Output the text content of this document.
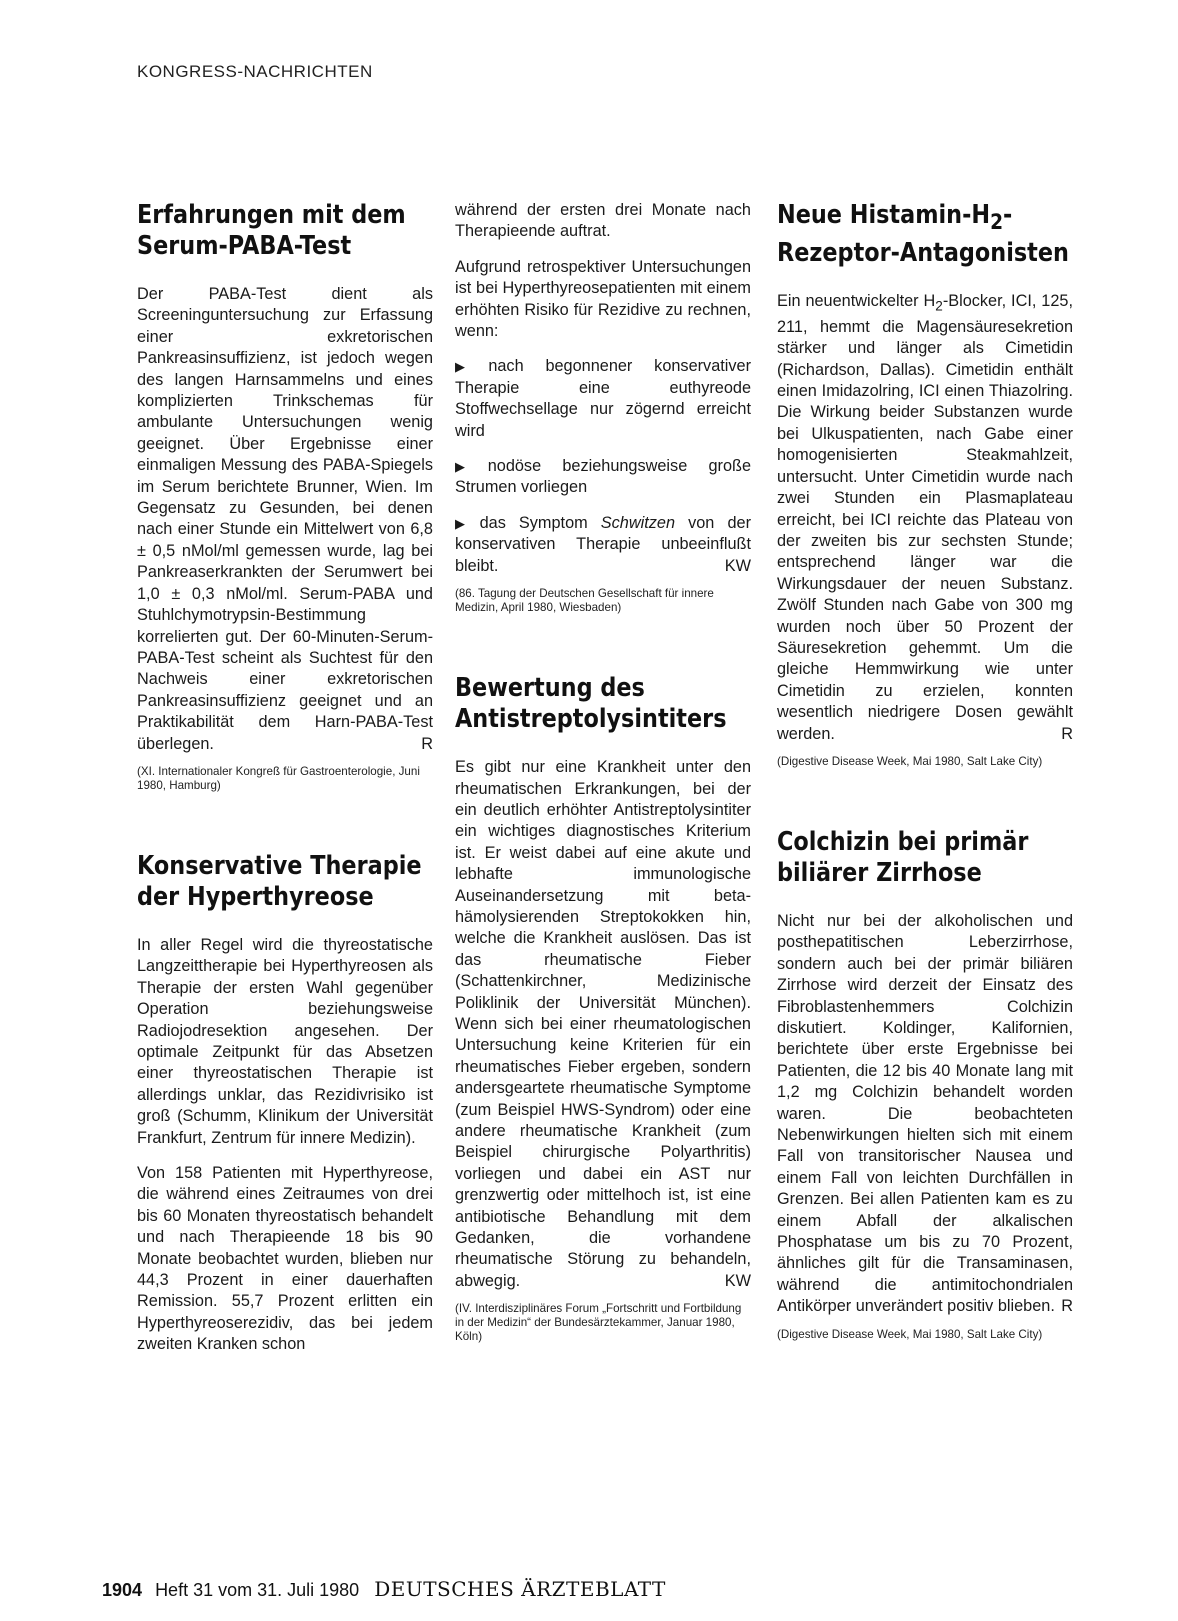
KONGRESS-NACHRICHTEN
Erfahrungen mit dem Serum-PABA-Test

Der PABA-Test dient als Screeninguntersuchung zur Erfassung einer exkretorischen Pankreasinsuffizienz, ist jedoch wegen des langen Harnsammelns und eines komplizierten Trinkschemas für ambulante Untersuchungen wenig geeignet. Über Ergebnisse einer einmaligen Messung des PABA-Spiegels im Serum berichtete Brunner, Wien. Im Gegensatz zu Gesunden, bei denen nach einer Stunde ein Mittelwert von 6,8 ± 0,5 nMol/ml gemessen wurde, lag bei Pankreaserkrankten der Serumwert bei 1,0 ± 0,3 nMol/ml. Serum-PABA und Stuhlchymotrypsin-Bestimmung korrelierten gut. Der 60-Minuten-Serum-PABA-Test scheint als Suchtest für den Nachweis einer exkretorischen Pankreasinsuffizienz geeignet und an Praktikabilität dem Harn-PABA-Test überlegen.	R

(XI. Internationaler Kongreß für Gastroenterologie, Juni 1980, Hamburg)
Konservative Therapie der Hyperthyreose

In aller Regel wird die thyreostatische Langzeittherapie bei Hyperthyreosen als Therapie der ersten Wahl gegenüber Operation beziehungsweise Radiojodresektion angesehen. Der optimale Zeitpunkt für das Absetzen einer thyreostatischen Therapie ist allerdings unklar, das Rezidivrisiko ist groß (Schumm, Klinikum der Universität Frankfurt, Zentrum für innere Medizin).

Von 158 Patienten mit Hyperthyreose, die während eines Zeitraumes von drei bis 60 Monaten thyreostatisch behandelt und nach Therapieende 18 bis 90 Monate beobachtet wurden, blieben nur 44,3 Prozent in einer dauerhaften Remission. 55,7 Prozent erlitten ein Hyperthyreoserezidiv, das bei jedem zweiten Kranken schon

während der ersten drei Monate nach Therapieende auftrat.

Aufgrund retrospektiver Untersuchungen ist bei Hyperthyreosepatienten mit einem erhöhten Risiko für Rezidive zu rechnen, wenn:

▶ nach begonnener konservativer Therapie eine euthyreode Stoffwechsellage nur zögernd erreicht wird

▶ nodöse beziehungsweise große Strumen vorliegen

▶ das Symptom Schwitzen von der konservativen Therapie unbeeinflußt bleibt.	KW

(86. Tagung der Deutschen Gesellschaft für innere Medizin, April 1980, Wiesbaden)
Bewertung des Antistreptolysintiters

Es gibt nur eine Krankheit unter den rheumatischen Erkrankungen, bei der ein deutlich erhöhter Antistreptolysintiter ein wichtiges diagnostisches Kriterium ist. Er weist dabei auf eine akute und lebhafte immunologische Auseinandersetzung mit beta-hämolysierenden Streptokokken hin, welche die Krankheit auslösen. Das ist das rheumatische Fieber (Schattenkirchner, Medizinische Poliklinik der Universität München). Wenn sich bei einer rheumatologischen Untersuchung keine Kriterien für ein rheumatisches Fieber ergeben, sondern andersgeartete rheumatische Symptome (zum Beispiel HWS-Syndrom) oder eine andere rheumatische Krankheit (zum Beispiel chirurgische Polyarthritis) vorliegen und dabei ein AST nur grenzwertig oder mittelhoch ist, ist eine antibiotische Behandlung mit dem Gedanken, die vorhandene rheumatische Störung zu behandeln, abwegig.	KW

(IV. Interdisziplinäres Forum „Fortschritt und Fortbildung in der Medizin“ der Bundesärztekammer, Januar 1980, Köln)
Neue Histamin-$H_2-Rezeptor$-Antagonisten

Ein neuentwickelter $H_2$-Blocker, ICI, 125, 211, hemmt die Magensäuresekretion stärker und länger als Cimetidin (Richardson, Dallas). Cimetidin enthält einen Imidazolring, ICI einen Thiazolring. Die Wirkung beider Substanzen wurde bei Ulkuspatienten, nach Gabe einer homogenisierten Steakmahlzeit, untersucht. Unter Cimetidin wurde nach zwei Stunden ein Plasmaplateau erreicht, bei ICI reichte das Plateau von der zweiten bis zur sechsten Stunde; entsprechend länger war die Wirkungsdauer der neuen Substanz. Zwölf Stunden nach Gabe von 300 mg wurden noch über 50 Prozent der Säuresekretion gehemmt. Um die gleiche Hemmwirkung wie unter Cimetidin zu erzielen, konnten wesentlich niedrigere Dosen gewählt werden.	R

(Digestive Disease Week, Mai 1980, Salt Lake City)
Colchizin bei primär biliärer Zirrhose

Nicht nur bei der alkoholischen und posthepatitischen Leberzirrhose, sondern auch bei der primär biliären Zirrhose wird derzeit der Einsatz des Fibroblastenhemmers Colchizin diskutiert. Koldinger, Kalifornien, berichtete über erste Ergebnisse bei Patienten, die 12 bis 40 Monate lang mit 1,2 mg Colchizin behandelt worden waren. Die beobachteten Nebenwirkungen hielten sich mit einem Fall von transitorischer Nausea und einem Fall von leichten Durchfällen in Grenzen. Bei allen Patienten kam es zu einem Abfall der alkalischen Phosphatase um bis zu 70 Prozent, ähnliches gilt für die Transaminasen, während die antimitochondrialen Antikörper unverändert positiv blieben. R

(Digestive Disease Week, Mai 1980, Salt Lake City)
1904 Heft 31 vom 31. Juli 1980 DEUTSCHES ÄRZTEBLATT
